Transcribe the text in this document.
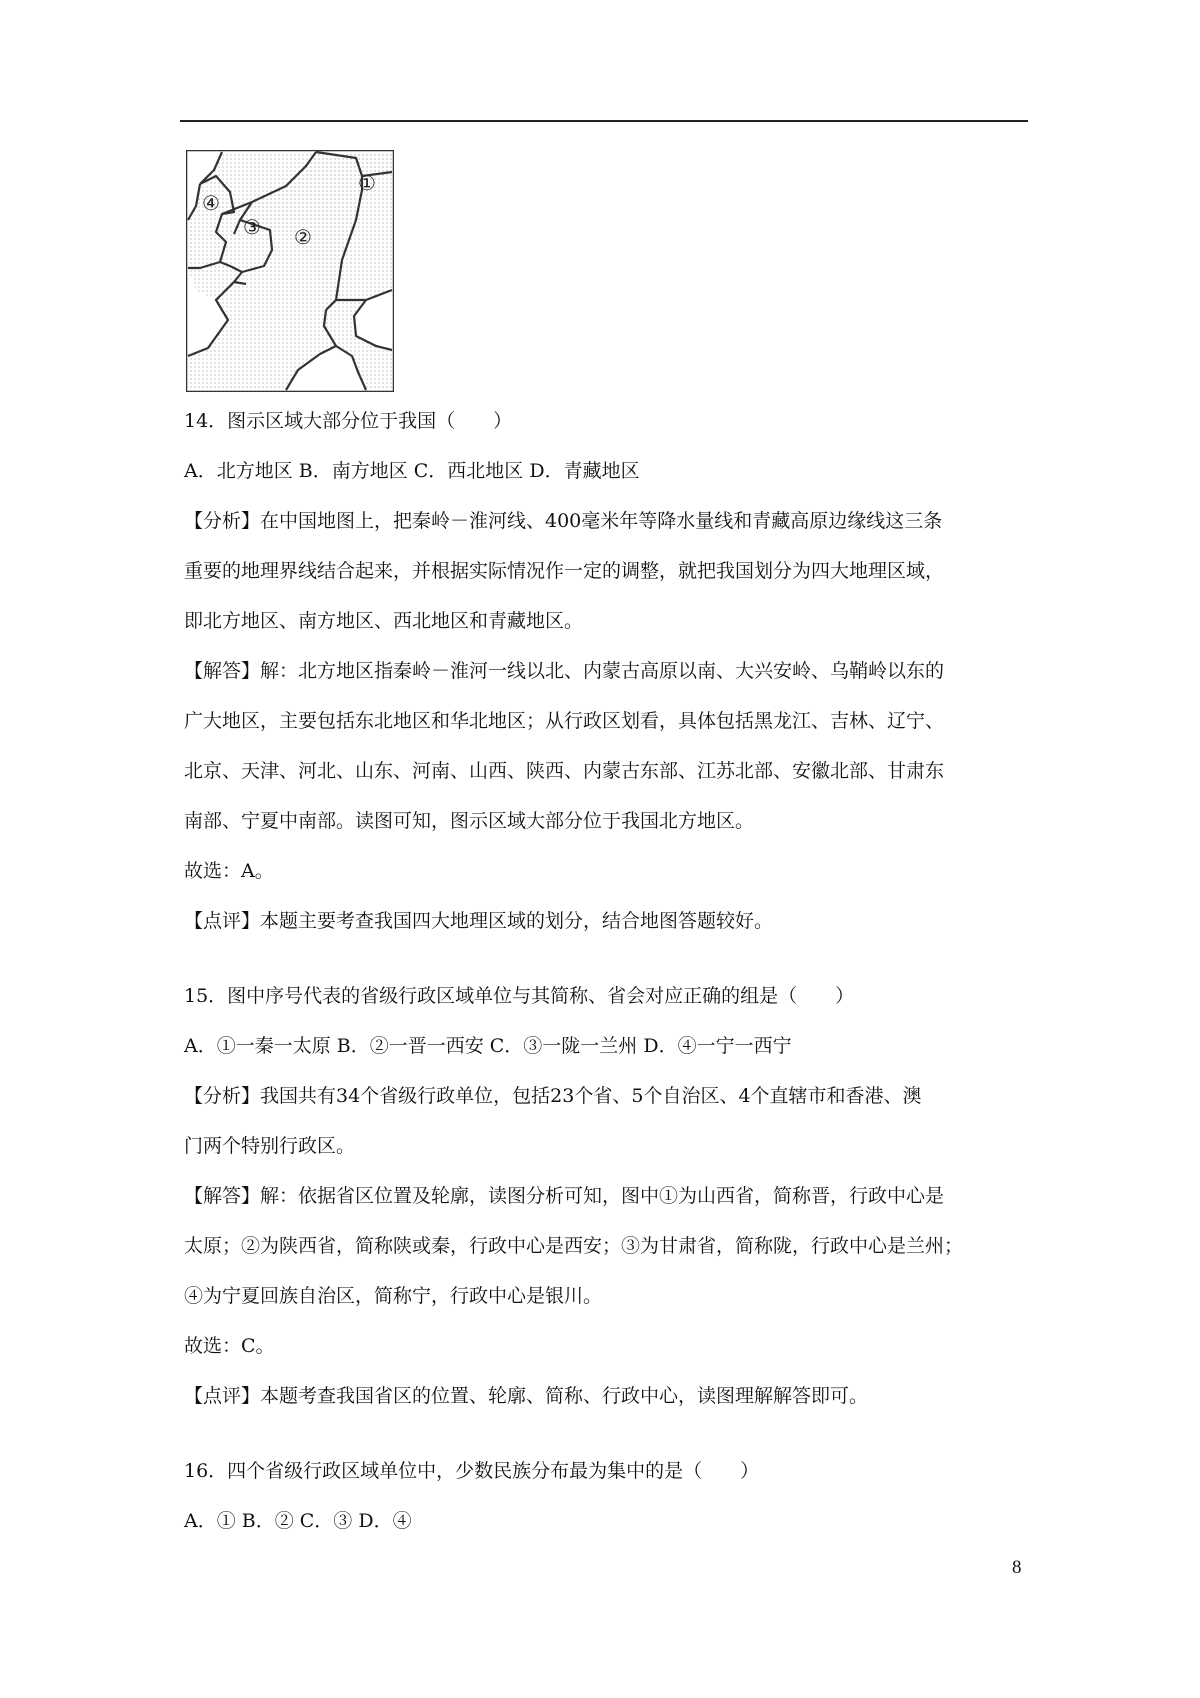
①
②
③
④
14．图示区域大部分位于我国（　　）
A．北方地区 B．南方地区 C．西北地区 D．青藏地区
【分析】在中国地图上，把秦岭－淮河线、400毫米年等降水量线和青藏高原边缘线这三条
重要的地理界线结合起来，并根据实际情况作一定的调整，就把我国划分为四大地理区域，
即北方地区、南方地区、西北地区和青藏地区。
【解答】解：北方地区指秦岭－淮河一线以北、内蒙古高原以南、大兴安岭、乌鞘岭以东的
广大地区，主要包括东北地区和华北地区；从行政区划看，具体包括黑龙江、吉林、辽宁、
北京、天津、河北、山东、河南、山西、陕西、内蒙古东部、江苏北部、安徽北部、甘肃东
南部、宁夏中南部。读图可知，图示区域大部分位于我国北方地区。
故选：A。
【点评】本题主要考查我国四大地理区域的划分，结合地图答题较好。
15．图中序号代表的省级行政区域单位与其简称、省会对应正确的组是（　　）
A．①一秦一太原 B．②一晋一西安 C．③一陇一兰州 D．④一宁一西宁
【分析】我国共有34个省级行政单位，包括23个省、5个自治区、4个直辖市和香港、澳
门两个特别行政区。
【解答】解：依据省区位置及轮廓，读图分析可知，图中①为山西省，简称晋，行政中心是
太原；②为陕西省，简称陕或秦，行政中心是西安；③为甘肃省，简称陇，行政中心是兰州；
④为宁夏回族自治区，简称宁，行政中心是银川。
故选：C。
【点评】本题考查我国省区的位置、轮廓、简称、行政中心，读图理解解答即可。
16．四个省级行政区域单位中，少数民族分布最为集中的是（　　）
A．① B．② C．③ D．④
8
